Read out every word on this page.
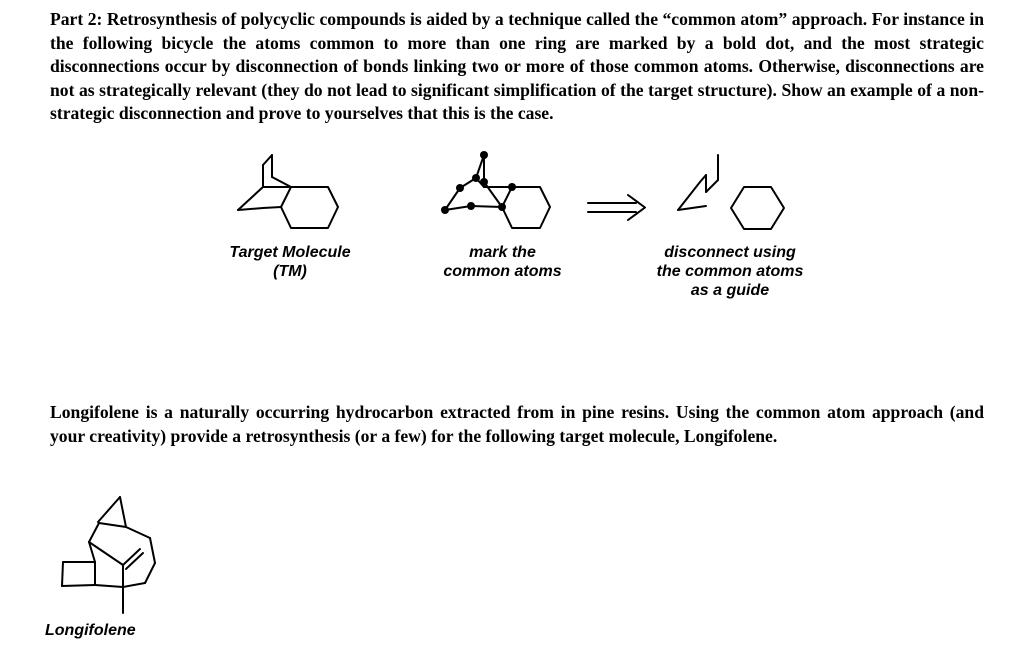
Part 2: Retrosynthesis of polycyclic compounds is aided by a technique called the “common atom” approach. For instance in the following bicycle the atoms common to more than one ring are marked by a bold dot, and the most strategic disconnections occur by disconnection of bonds linking two or more of those common atoms. Otherwise, disconnections are not as strategically relevant (they do not lead to significant simplification of the target structure). Show an example of a non-strategic disconnection and prove to yourselves that this is the case.

Target Molecule
(TM)
mark the
common atoms
disconnect using
the common atoms
as a guide

Longifolene is a naturally occurring hydrocarbon extracted from in pine resins. Using the common atom approach (and your creativity) provide a retrosynthesis (or a few) for the following target molecule, Longifolene.

Longifolene
